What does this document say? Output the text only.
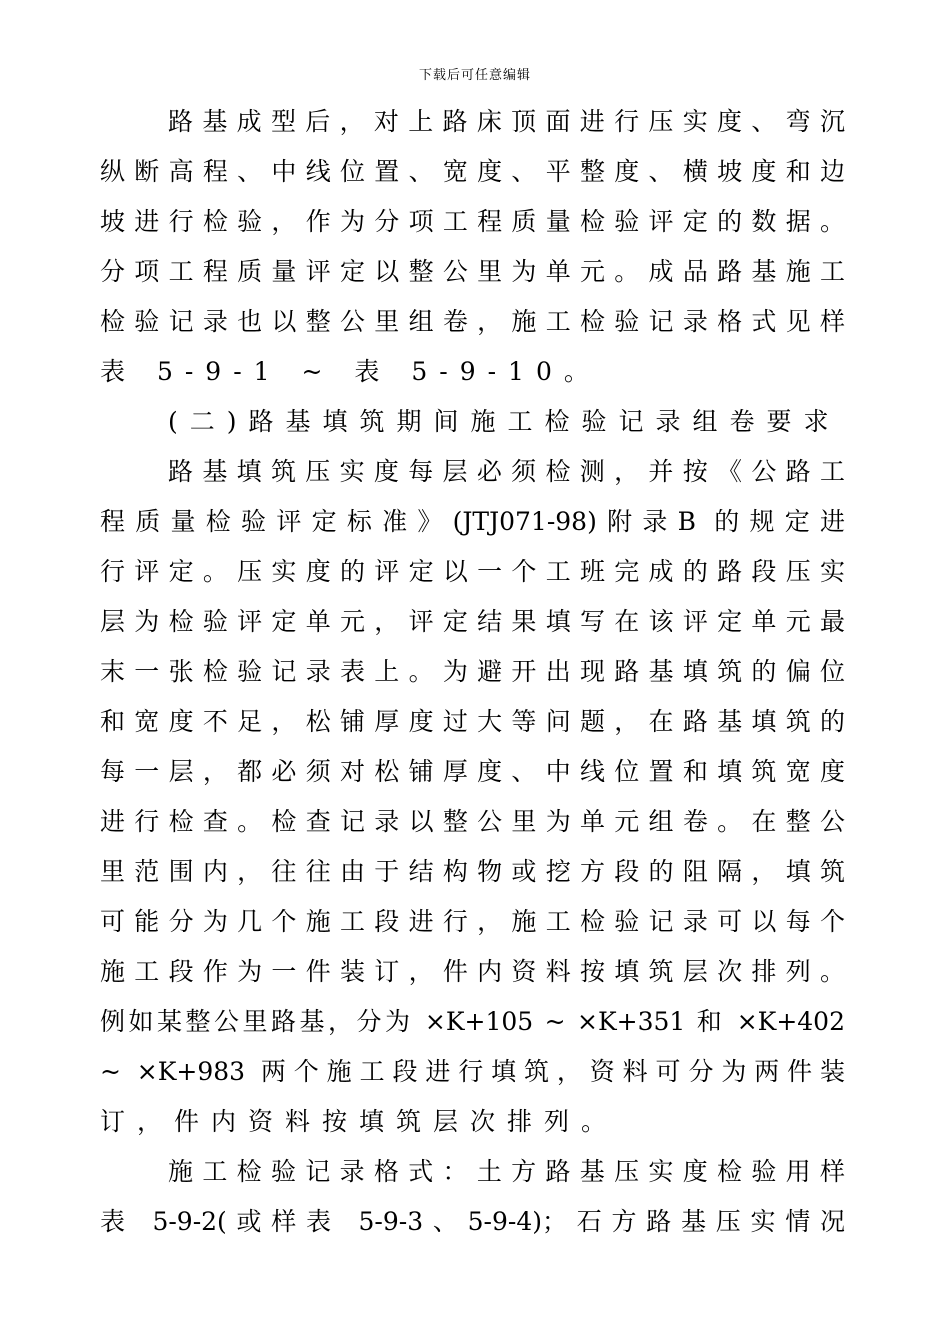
下载后可任意编辑
路基成型后，对上路床顶面进行压实度、弯沉
纵断高程、中线位置、宽度、平整度、横坡度和边
坡进行检验，作为分项工程质量检验评定的数据。
分项工程质量评定以整公里为单元。成品路基施工
检验记录也以整公里组卷，施工检验记录格式见样
表 5-9-1 ~ 表 5-9-10。
(二)路基填筑期间施工检验记录组卷要求
路基填筑压实度每层必须检测，并按《公路工
程质量检验评定标准》(JTJ071-98)附录B 的规定进
行评定。压实度的评定以一个工班完成的路段压实
层为检验评定单元，评定结果填写在该评定单元最
末一张检验记录表上。为避开出现路基填筑的偏位
和宽度不足，松铺厚度过大等问题，在路基填筑的
每一层，都必须对松铺厚度、中线位置和填筑宽度
进行检查。检查记录以整公里为单元组卷。在整公
里范围内，往往由于结构物或挖方段的阻隔，填筑
可能分为几个施工段进行，施工检验记录可以每个
施工段作为一件装订，件内资料按填筑层次排列。
例如某整公里路基，分为 ×K+105 ~ ×K+351 和 ×K+402
~ ×K+983 两个施工段进行填筑，资料可分为两件装
订，件内资料按填筑层次排列。
施工检验记录格式：土方路基压实度检验用样
表 5-9-2(或样表 5-9-3、5-9-4)；石方路基压实情况
